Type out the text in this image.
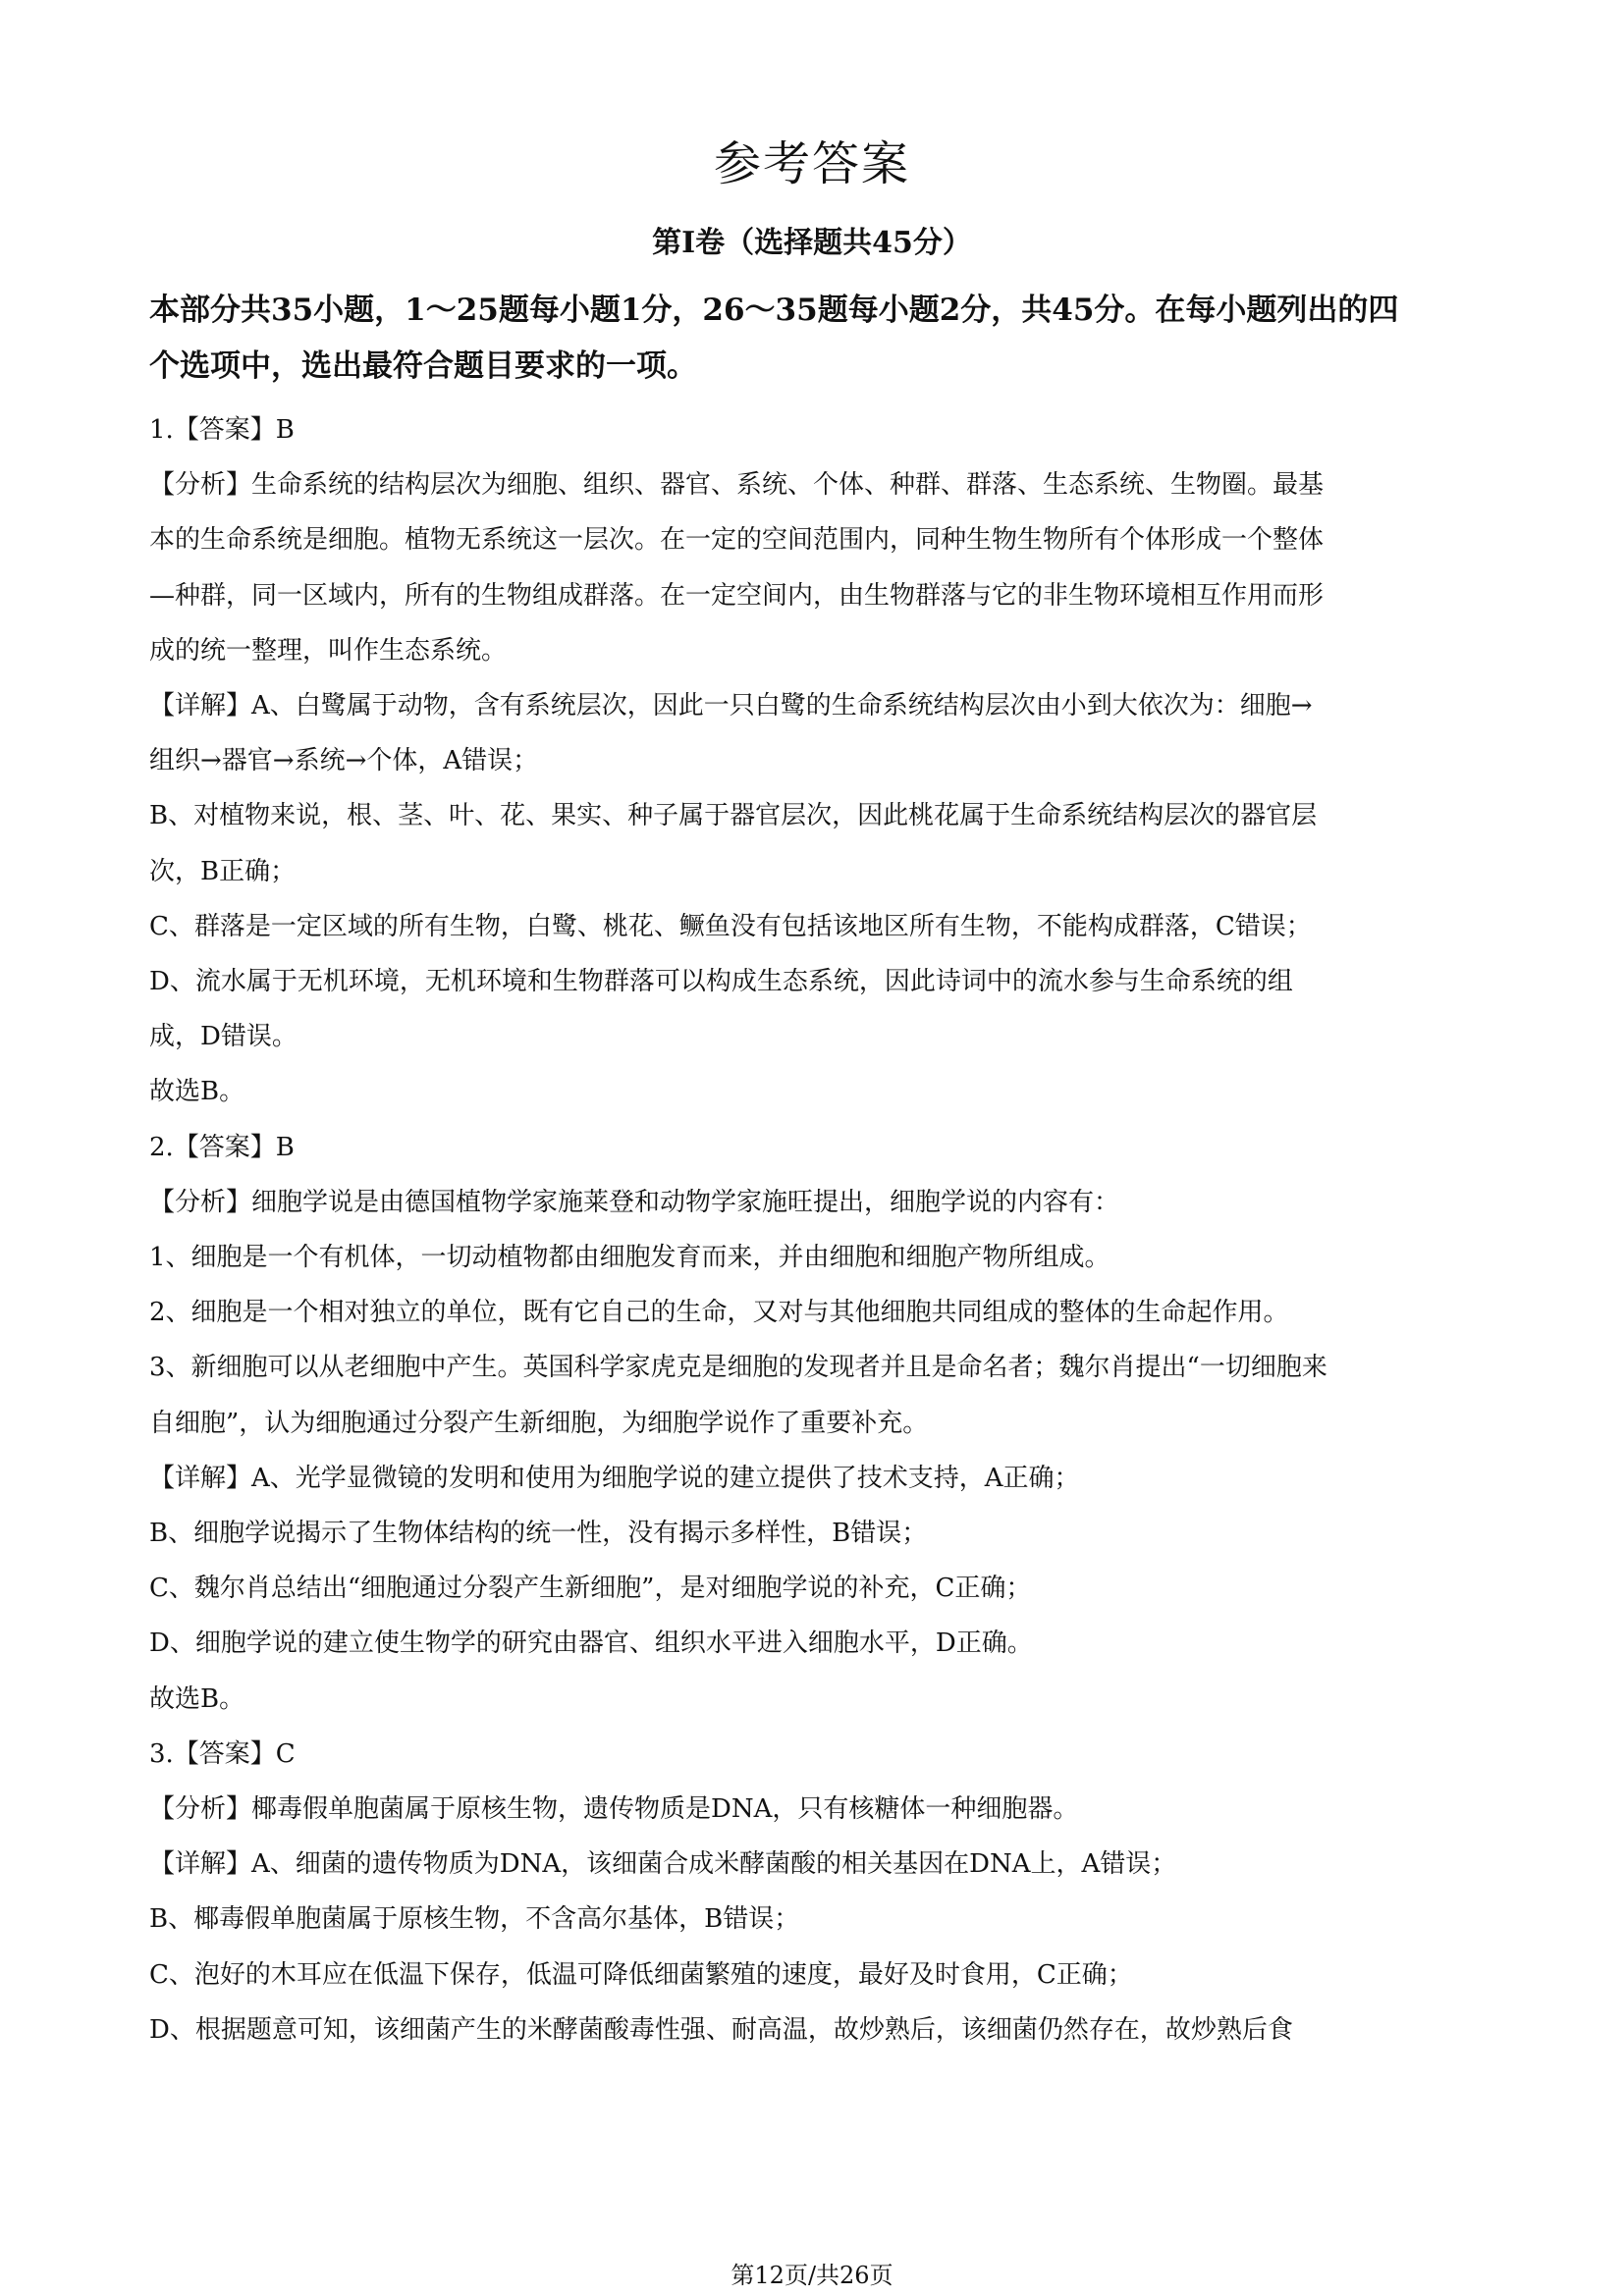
参考答案
第Ⅰ卷（选择题共45分）
本部分共35小题，1～25题每小题1分，26～35题每小题2分，共45分。在每小题列出的四
个选项中，选出最符合题目要求的一项。
1.【答案】B
【分析】生命系统的结构层次为细胞、组织、器官、系统、个体、种群、群落、生态系统、生物圈。最基
本的生命系统是细胞。植物无系统这一层次。在一定的空间范围内，同种生物生物所有个体形成一个整体
—种群，同一区域内，所有的生物组成群落。在一定空间内，由生物群落与它的非生物环境相互作用而形
成的统一整理，叫作生态系统。
【详解】A、白鹭属于动物，含有系统层次，因此一只白鹭的生命系统结构层次由小到大依次为：细胞→
组织→器官→系统→个体，A错误；
B、对植物来说，根、茎、叶、花、果实、种子属于器官层次，因此桃花属于生命系统结构层次的器官层
次，B正确；
C、群落是一定区域的所有生物，白鹭、桃花、鳜鱼没有包括该地区所有生物，不能构成群落，C错误；
D、流水属于无机环境，无机环境和生物群落可以构成生态系统，因此诗词中的流水参与生命系统的组
成，D错误。
故选B。
2.【答案】B
【分析】细胞学说是由德国植物学家施莱登和动物学家施旺提出，细胞学说的内容有：
1、细胞是一个有机体，一切动植物都由细胞发育而来，并由细胞和细胞产物所组成。
2、细胞是一个相对独立的单位，既有它自己的生命，又对与其他细胞共同组成的整体的生命起作用。
3、新细胞可以从老细胞中产生。英国科学家虎克是细胞的发现者并且是命名者；魏尔肖提出“一切细胞来
自细胞”，认为细胞通过分裂产生新细胞，为细胞学说作了重要补充。
【详解】A、光学显微镜的发明和使用为细胞学说的建立提供了技术支持，A正确；
B、细胞学说揭示了生物体结构的统一性，没有揭示多样性，B错误；
C、魏尔肖总结出“细胞通过分裂产生新细胞”，是对细胞学说的补充，C正确；
D、细胞学说的建立使生物学的研究由器官、组织水平进入细胞水平，D正确。
故选B。
3.【答案】C
【分析】椰毒假单胞菌属于原核生物，遗传物质是DNA，只有核糖体一种细胞器。
【详解】A、细菌的遗传物质为DNA，该细菌合成米酵菌酸的相关基因在DNA上，A错误；
B、椰毒假单胞菌属于原核生物，不含高尔基体，B错误；
C、泡好的木耳应在低温下保存，低温可降低细菌繁殖的速度，最好及时食用，C正确；
D、根据题意可知，该细菌产生的米酵菌酸毒性强、耐高温，故炒熟后，该细菌仍然存在，故炒熟后食
第12页/共26页
